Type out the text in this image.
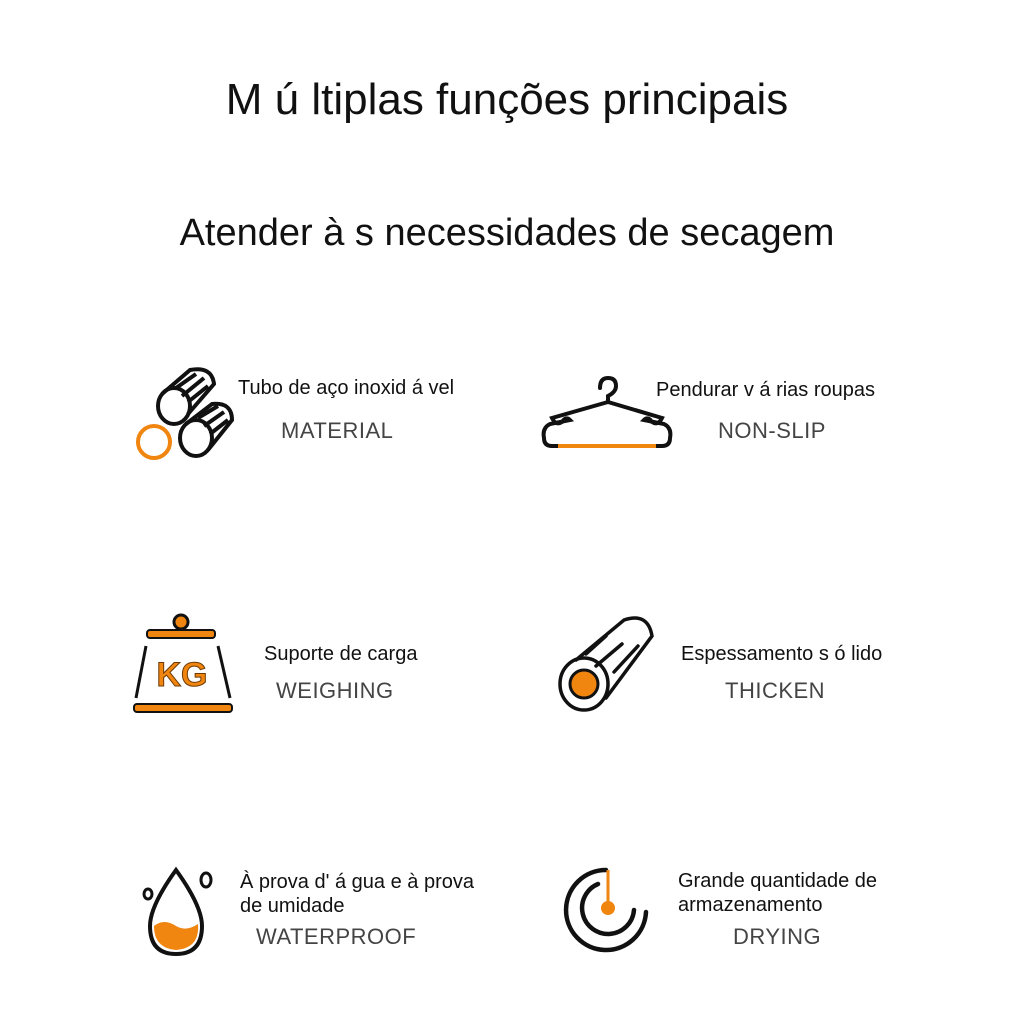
M ú ltiplas funções principais
Atender à s necessidades de secagem
Tubo de aço inoxid á vel
MATERIAL
Pendurar v á rias roupas
NON-SLIP
KG
Suporte de carga
WEIGHING
Espessamento s ó lido
THICKEN
À prova d' á gua e à prova
de umidade
WATERPROOF
Grande quantidade de
armazenamento
DRYING
